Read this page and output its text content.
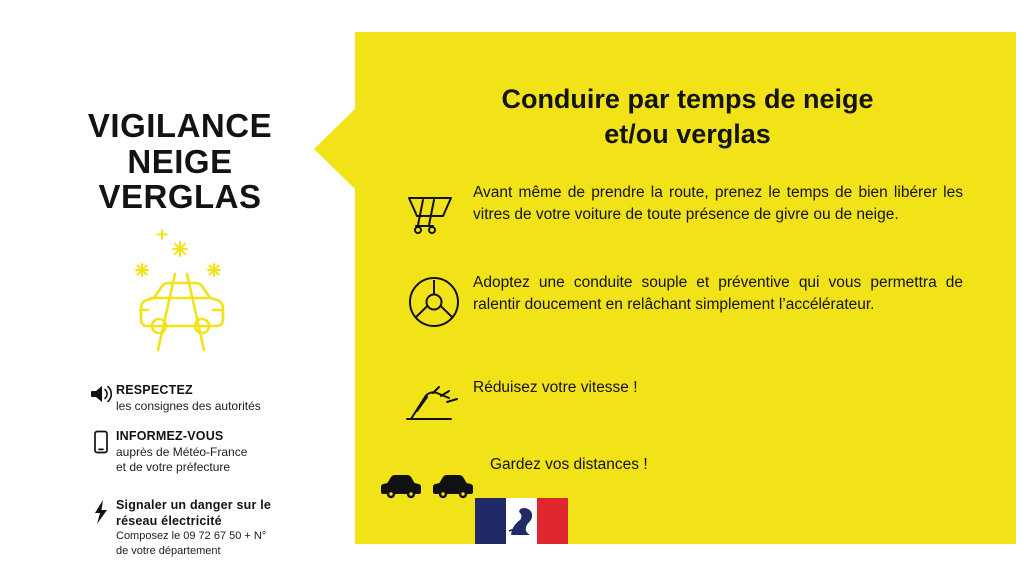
VIGILANCE
NEIGE
VERGLAS
RESPECTEZ
les consignes des autorités
INFORMEZ-VOUS
auprès de Météo-France
et de votre préfecture
Signaler un danger sur le
réseau électricité
Composez le 09 72 67 50 + N°
de votre département
Conduire par temps de neige
et/ou verglas
Avant même de prendre la route, prenez le temps de bien libérer les vitres de votre voiture de toute présence de givre ou de neige.
Adoptez une conduite souple et préventive qui vous permettra de ralentir doucement en relâchant simplement l’accélérateur.
Réduisez votre vitesse !
Gardez vos distances !
